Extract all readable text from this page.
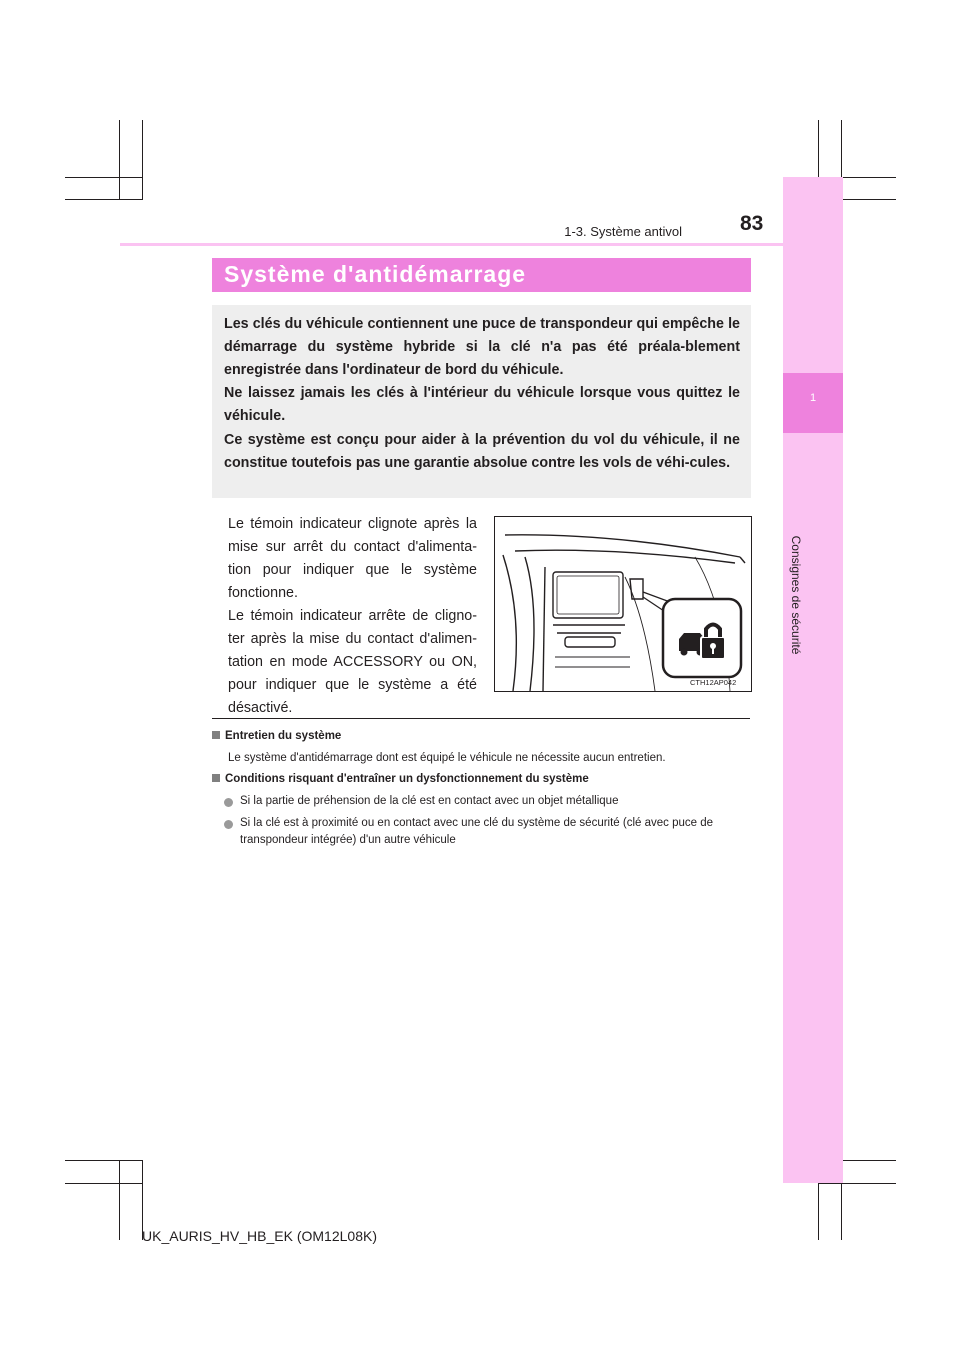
1
Consignes de sécurité
1-3. Système antivol	83
Système d'antidémarrage

Les clés du véhicule contiennent une puce de transpondeur qui empêche le démarrage du système hybride si la clé n'a pas été préala-blement enregistrée dans l'ordinateur de bord du véhicule.

Ne laissez jamais les clés à l'intérieur du véhicule lorsque vous quittez le véhicule.

Ce système est conçu pour aider à la prévention du vol du véhicule, il ne constitue toutefois pas une garantie absolue contre les vols de véhi-cules.

Le témoin indicateur clignote après la mise sur arrêt du contact d'alimenta-tion pour indiquer que le système fonctionne.

Le témoin indicateur arrête de cligno-ter après la mise du contact d'alimen-tation en mode ACCESSORY ou ON, pour indiquer que le système a été désactivé.

CTH12AP042
Entretien du système
Le système d'antidémarrage dont est équipé le véhicule ne nécessite aucun entretien.
Conditions risquant d'entraîner un dysfonctionnement du système
Si la partie de préhension de la clé est en contact avec un objet métallique
Si la clé est à proximité ou en contact avec une clé du système de sécurité (clé avec puce de transpondeur intégrée) d'un autre véhicule
UK_AURIS_HV_HB_EK (OM12L08K)
